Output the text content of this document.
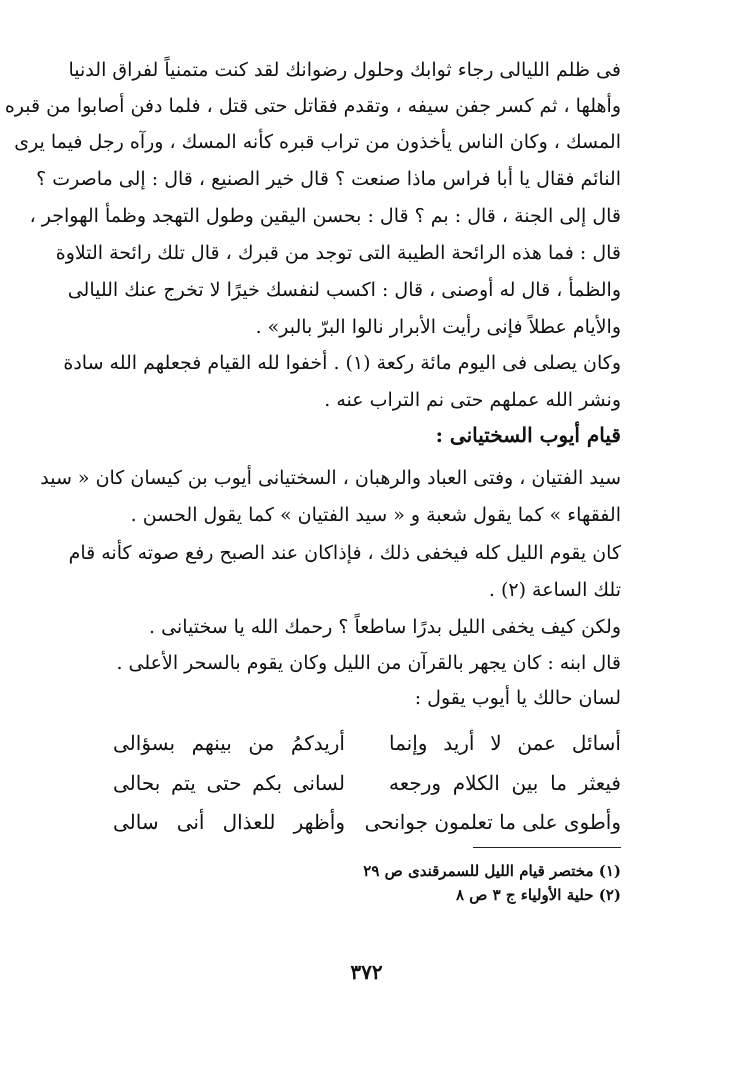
فى ظلم الليالى رجاء ثوابك وحلول رضوانك لقد كنت متمنياً لفراق الدنيا
وأهلها ، ثم كسر جفن سيفه ، وتقدم فقاتل حتى قتل ، فلما دفن أصابوا من قبره
المسك ، وكان الناس يأخذون من تراب قبره كأنه المسك ، ورآه رجل فيما يرى
النائم فقال يا أبا فراس ماذا صنعت ؟ قال خير الصنيع ، قال : إلى ماصرت ؟
قال إلى الجنة ، قال : بم ؟ قال : بحسن اليقين وطول التهجد وظمأ الهواجر ،
قال : فما هذه الرائحة الطيبة التى توجد من قبرك ، قال تلك رائحة التلاوة
والظمأ ، قال له أوصنى ، قال : اكسب لنفسك خيرًا لا تخرج عنك الليالى
والأيام عطلاً فإنى رأيت الأبرار نالوا البرّ بالبر» .
وكان يصلى فى اليوم مائة ركعة (١) . أخفوا لله القيام فجعلهم الله سادة
ونشر الله عملهم حتى نم التراب عنه .
قيام أيوب السختيانى :
سيد الفتيان ، وفتى العباد والرهبان ، السختيانى أيوب بن كيسان كان « سيد
الفقهاء » كما يقول شعبة و « سيد الفتيان » كما يقول الحسن .
كان يقوم الليل كله فيخفى ذلك ، فإذاكان عند الصبح رفع صوته كأنه قام
تلك الساعة (٢) .
ولكن كيف يخفى الليل بدرًا ساطعاً ؟ رحمك الله يا سختيانى .
قال ابنه : كان يجهر بالقرآن من الليل وكان يقوم بالسحر الأعلى .
لسان حالك يا أيوب يقول :
أسائل عمن لا أريد وإنما
أريدكمُ من بينهم بسؤالى
فيعثر ما بين الكلام ورجعه
لسانى بكم حتى يتم بحالى
وأطوى على ما تعلمون جوانحى
وأظهر للعذال أنى سالى
(١) مختصر قيام الليل للسمرقندى ص ٢٩
(٢) حلية الأولياء ج ٣ ص ٨
٣٧٢
